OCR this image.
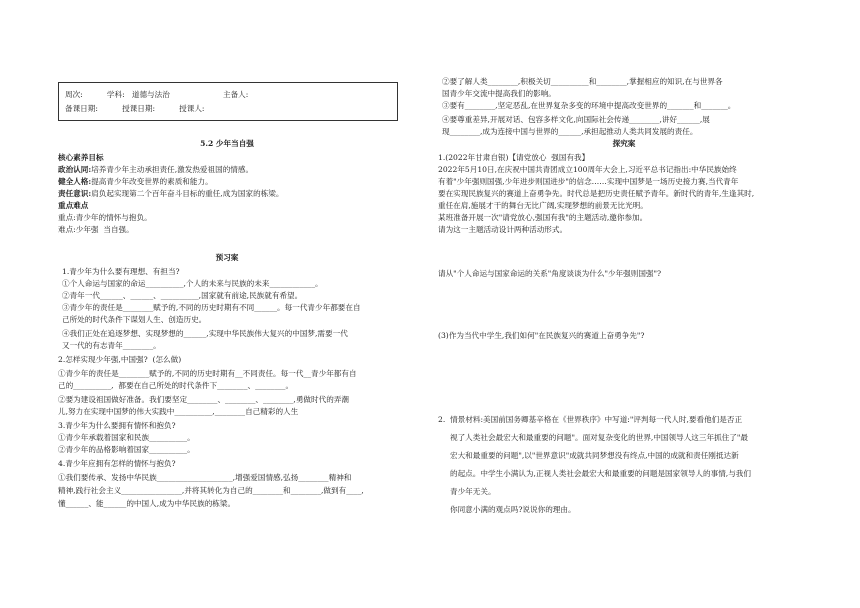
周次:          学科:   道德与法治                      主备人:
备课日期:          授课日期:          授课人:
5.2 少年当自强
核心素养目标
政治认同:培养青少年主动承担责任,激发热爱祖国的情感。
健全人格:提高青少年改变世界的素质和能力。
责任意识:肩负起实现第二个百年奋斗目标的重任,成为国家的栋梁。
重点难点
重点:青少年的情怀与抱负。
难点:少年强  当自强。
预习案
1.青少年为什么要有理想、有担当?
①个人命运与国家的命运__________,个人的未来与民族的未来____________。
②青年一代______、______、__________,国家就有前途,民族就有希望。
③青少年的责任是________赋予的,不同的历史时期有不同______。每一代青少年都要在自
己所处的时代条件下谋划人生、创造历史。
④我们正处在追逐梦想、实现梦想的______,实现中华民族伟大复兴的中国梦,需要一代
又一代的有志青年________。
2.怎样实现少年强,中国强?  (怎么做)
①青少年的责任是________赋予的,不同的历史时期有__不同责任。每一代__青少年都有自
己的__________,  都要在自己所处的时代条件下________、________。
②要为建设祖国做好准备。我们要坚定________、________、________,勇做时代的弄潮
儿,努力在实现中国梦的伟大实践中__________,________自己精彩的人生
3.青少年为什么要拥有情怀和抱负?
①青少年承载着国家和民族__________。
②青少年的品格影响着国家__________。
4.青少年应拥有怎样的情怀与抱负?
①我们要传承、发扬中华民族____________________,增强爱国情感,弘扬________精神和
精神,践行社会主义________________,并将其转化为自己的________和________,做到有____,
懂______、能______的中国人,成为中华民族的栋梁。
②要了解人类________,积极关切__________和________,掌握相应的知识,在与世界各
国青少年交流中提高我们的影响。
③要有________,坚定恶乱,在世界复杂多变的环境中提高改变世界的_______和_______。
④要尊重差异,开展对话、包容多样文化,向国际社会传递________,讲好______,展
现________,成为连接中国与世界的______,承担起推动人类共同发展的责任。
探究案
1.(2022年甘肃自银)【请党放心  强国有我】
2022年5月10日,在庆祝中国共青团成立100周年大会上,习近平总书记指出:中华民族始终
有着"少年强则国强,少年进步则国进步"的信念……实现中国梦是一场历史接力赛,当代青年
要在实现民族复兴的赛道上奋勇争先。时代总是把历史责任赋予青年。新时代的青年,生逢其时,
重任在肩,施展才干的舞台无比广阔,实现梦想的前景无比光明。
某班准备开展一次"请党放心,强国有我"的主题活动,邀你参加。
请为这一主题活动设计两种活动形式。
请从"个人命运与国家命运的关系"角度谈谈为什么"少年强则国强"?
(3)作为当代中学生,我们如何"在民族复兴的赛道上奋勇争先"?
2.  情景材料:美国前国务卿基辛格在《世界秩序》中写道:"评判每一代人时,要看他们是否正
视了人类社会最宏大和最重要的问题"。面对复杂变化的世界,中国领导人这三年抓住了"最
宏大和最重要的问题",以"世界意识"成就共同梦想没有终点,中国的成就和责任刚抵达新
的起点。中学生小满认为,正视人类社会最宏大和最重要的问题是国家领导人的事情,与我们
青少年无关。
你同意小满的观点吗?说说你的理由。
